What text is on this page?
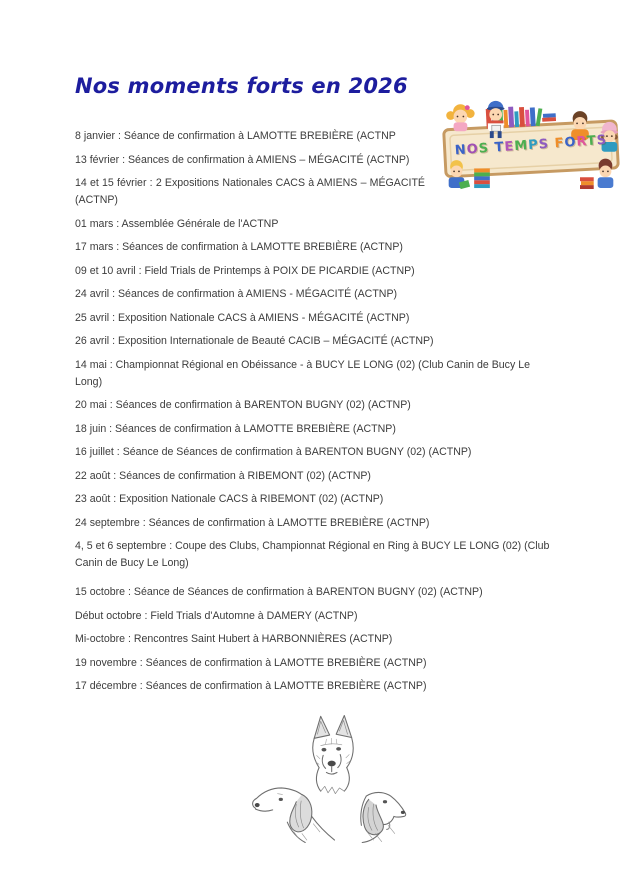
Nos moments forts en 2026
NOS TEMPS FORTS

8 janvier : Séance de confirmation à LAMOTTE BREBIÈRE (ACTNP

13 février : Séances de confirmation à AMIENS – MÉGACITÉ (ACTNP)

14 et 15 février : 2 Expositions Nationales CACS à AMIENS – MÉGACITÉ (ACTNP)

01 mars : Assemblée Générale de l'ACTNP

17 mars : Séances de confirmation à LAMOTTE BREBIÈRE (ACTNP)

09 et 10 avril : Field Trials de Printemps à POIX DE PICARDIE (ACTNP)

24 avril : Séances de confirmation à AMIENS - MÉGACITÉ (ACTNP)

25 avril : Exposition Nationale CACS à AMIENS - MÉGACITÉ (ACTNP)

26 avril : Exposition Internationale de Beauté CACIB – MÉGACITÉ (ACTNP)

14 mai : Championnat Régional en Obéissance - à BUCY LE LONG (02) (Club Canin de Bucy Le Long)

20 mai : Séances de confirmation à BARENTON BUGNY (02) (ACTNP)

18 juin : Séances de confirmation à LAMOTTE BREBIÈRE (ACTNP)

16 juillet : Séance de Séances de confirmation à BARENTON BUGNY (02) (ACTNP)

22 août : Séances de confirmation à RIBEMONT (02) (ACTNP)

23 août : Exposition Nationale CACS à RIBEMONT (02) (ACTNP)

24 septembre : Séances de confirmation à LAMOTTE BREBIÈRE (ACTNP)

4, 5 et 6 septembre : Coupe des Clubs, Championnat Régional en Ring à BUCY LE LONG (02) (Club Canin de Bucy Le Long)

15 octobre : Séance de Séances de confirmation à BARENTON BUGNY (02) (ACTNP)

Début octobre : Field Trials d'Automne à DAMERY (ACTNP)

Mi-octobre : Rencontres Saint Hubert à HARBONNIÈRES (ACTNP)

19 novembre : Séances de confirmation à LAMOTTE BREBIÈRE (ACTNP)

17 décembre : Séances de confirmation à LAMOTTE BREBIÈRE (ACTNP)
